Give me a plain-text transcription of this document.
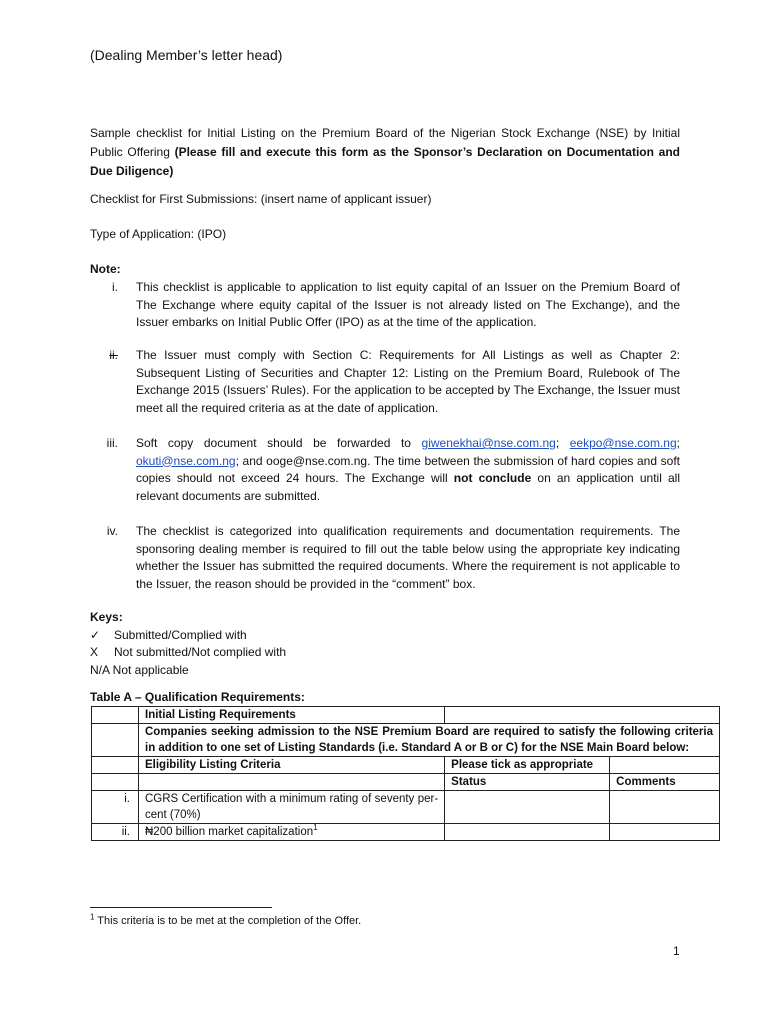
(Dealing Member’s letter head)
Sample checklist for Initial Listing on the Premium Board of the Nigerian Stock Exchange (NSE) by Initial Public Offering (Please fill and execute this form as the Sponsor’s Declaration on Documentation and Due Diligence)
Checklist for First Submissions: (insert name of applicant issuer)
Type of Application: (IPO)
Note:
i. This checklist is applicable to application to list equity capital of an Issuer on the Premium Board of The Exchange where equity capital of the Issuer is not already listed on The Exchange), and the Issuer embarks on Initial Public Offer (IPO) as at the time of the application.
ii. The Issuer must comply with Section C: Requirements for All Listings as well as Chapter 2: Subsequent Listing of Securities and Chapter 12: Listing on the Premium Board, Rulebook of The Exchange 2015 (Issuers’ Rules). For the application to be accepted by The Exchange, the Issuer must meet all the required criteria as at the date of application.
iii. Soft copy document should be forwarded to giwenekhai@nse.com.ng; eekpo@nse.com.ng; okuti@nse.com.ng; and ooge@nse.com.ng. The time between the submission of hard copies and soft copies should not exceed 24 hours. The Exchange will not conclude on an application until all relevant documents are submitted.
iv. The checklist is categorized into qualification requirements and documentation requirements. The sponsoring dealing member is required to fill out the table below using the appropriate key indicating whether the Issuer has submitted the required documents. Where the requirement is not applicable to the Issuer, the reason should be provided in the “comment” box.
Keys:
✓ Submitted/Complied with
X Not submitted/Not complied with
N/A Not applicable
Table A – Qualification Requirements:
	Initial Listing Requirements		
	Companies seeking admission to the NSE Premium Board are required to satisfy the following criteria in addition to one set of Listing Standards (i.e. Standard A or B or C) for the NSE Main Board below:		
	Eligibility Listing Criteria	Please tick as appropriate	
		Status	Comments
i.	CGRS Certification with a minimum rating of seventy per-cent (70%)		
ii.	₦200 billion market capitalization$^1$		
$^1$ This criteria is to be met at the completion of the Offer.
1
